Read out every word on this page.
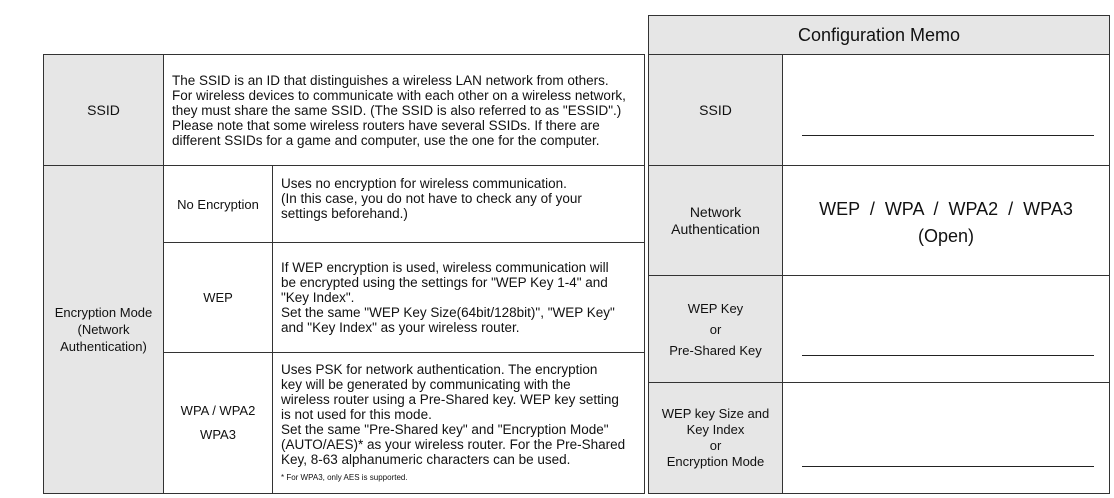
SSID

The SSID is an ID that distinguishes a wireless LAN network from others.

For wireless devices to communicate with each other on a wireless network,

they must share the same SSID. (The SSID is also referred to as "ESSID".)

Please note that some wireless routers have several SSIDs. If there are

different SSIDs for a game and computer, use the one for the computer.

Encryption Mode
(Network
Authentication)
No Encryption

Uses no encryption for wireless communication.

(In this case, you do not have to check any of your

settings beforehand.)

WEP

If WEP encryption is used, wireless communication will

be encrypted using the settings for "WEP Key 1-4" and

"Key Index".

Set the same "WEP Key Size(64bit/128bit)", "WEP Key"

and "Key Index" as your wireless router.

WPA / WPA2
WPA3

Uses PSK for network authentication. The encryption

key will be generated by communicating with the

wireless router using a Pre-Shared key. WEP key setting

is not used for this mode.

Set the same "Pre-Shared key" and "Encryption Mode"

(AUTO/AES)* as your wireless router. For the Pre-Shared

Key, 8-63 alphanumeric characters can be used.

* For WPA3, only AES is supported.

Configuration Memo
SSID
Network
Authentication
WEP  /  WPA  /  WPA2  /  WPA3
(Open)
WEP Key
or
Pre-Shared Key
WEP key Size and
Key Index
or
Encryption Mode
